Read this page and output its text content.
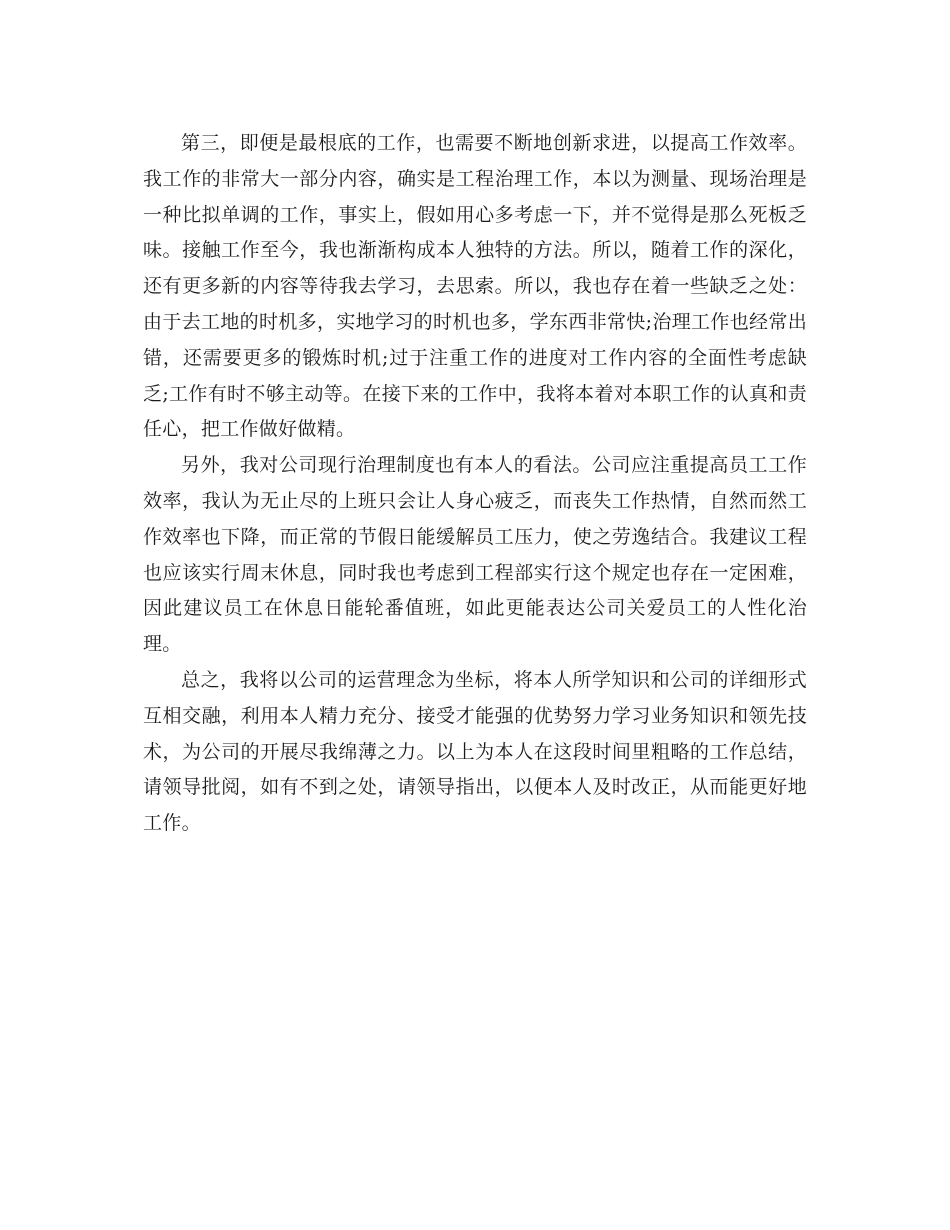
第三，即便是最根底的工作，也需要不断地创新求进，以提高工作效率。我工作的非常大一部分内容，确实是工程治理工作，本以为测量、现场治理是一种比拟单调的工作，事实上，假如用心多考虑一下，并不觉得是那么死板乏味。接触工作至今，我也渐渐构成本人独特的方法。所以，随着工作的深化，还有更多新的内容等待我去学习，去思索。所以，我也存在着一些缺乏之处：由于去工地的时机多，实地学习的时机也多，学东西非常快;治理工作也经常出错，还需要更多的锻炼时机;过于注重工作的进度对工作内容的全面性考虑缺乏;工作有时不够主动等。在接下来的工作中，我将本着对本职工作的认真和责任心，把工作做好做精。

另外，我对公司现行治理制度也有本人的看法。公司应注重提高员工工作效率，我认为无止尽的上班只会让人身心疲乏，而丧失工作热情，自然而然工作效率也下降，而正常的节假日能缓解员工压力，使之劳逸结合。我建议工程也应该实行周末休息，同时我也考虑到工程部实行这个规定也存在一定困难，因此建议员工在休息日能轮番值班，如此更能表达公司关爱员工的人性化治理。

总之，我将以公司的运营理念为坐标，将本人所学知识和公司的详细形式互相交融，利用本人精力充分、接受才能强的优势努力学习业务知识和领先技术，为公司的开展尽我绵薄之力。以上为本人在这段时间里粗略的工作总结，请领导批阅，如有不到之处，请领导指出，以便本人及时改正，从而能更好地工作。
